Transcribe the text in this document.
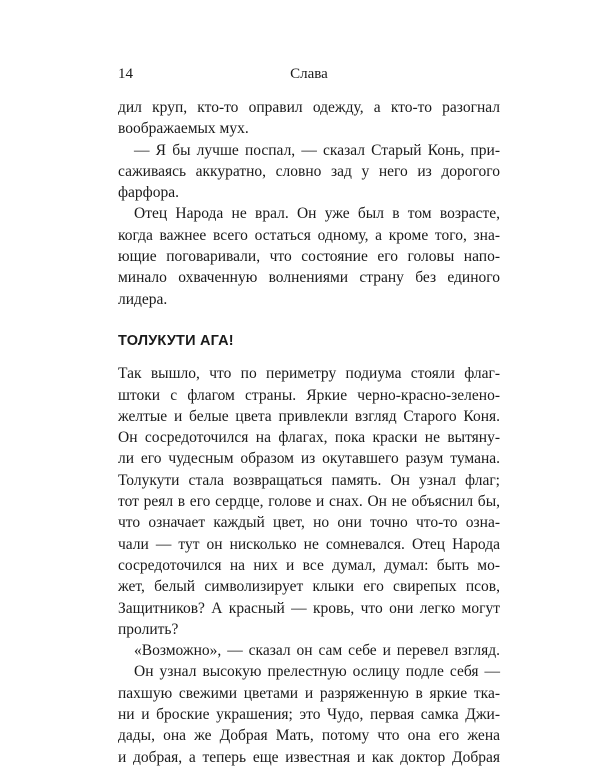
14	Слава
дил круп, кто-то оправил одежду, а кто-то разогнал
воображаемых мух.
— Я бы лучше поспал, — сказал Старый Конь, при-
саживаясь аккуратно, словно зад у него из дорогого
фарфора.
Отец Народа не врал. Он уже был в том возрасте,
когда важнее всего остаться одному, а кроме того, зна-
ющие поговаривали, что состояние его головы напо-
минало охваченную волнениями страну без единого
лидера.
ТОЛУКУТИ АГА!
Так вышло, что по периметру подиума стояли флаг-
штоки с флагом страны. Яркие черно-красно-зелено-
желтые и белые цвета привлекли взгляд Старого Коня.
Он сосредоточился на флагах, пока краски не вытяну-
ли его чудесным образом из окутавшего разум тумана.
Толукути стала возвращаться память. Он узнал флаг;
тот реял в его сердце, голове и снах. Он не объяснил бы,
что означает каждый цвет, но они точно что-то озна-
чали — тут он нисколько не сомневался. Отец Народа
сосредоточился на них и все думал, думал: быть мо-
жет, белый символизирует клыки его свирепых псов,
Защитников? А красный — кровь, что они легко могут
пролить?
«Возможно», — сказал он сам себе и перевел взгляд.
Он узнал высокую прелестную ослицу подле себя —
пахшую свежими цветами и разряженную в яркие тка-
ни и броские украшения; это Чудо, первая самка Джи-
дады, она же Добрая Мать, потому что она его жена
и добрая, а теперь еще известная и как доктор Добрая
